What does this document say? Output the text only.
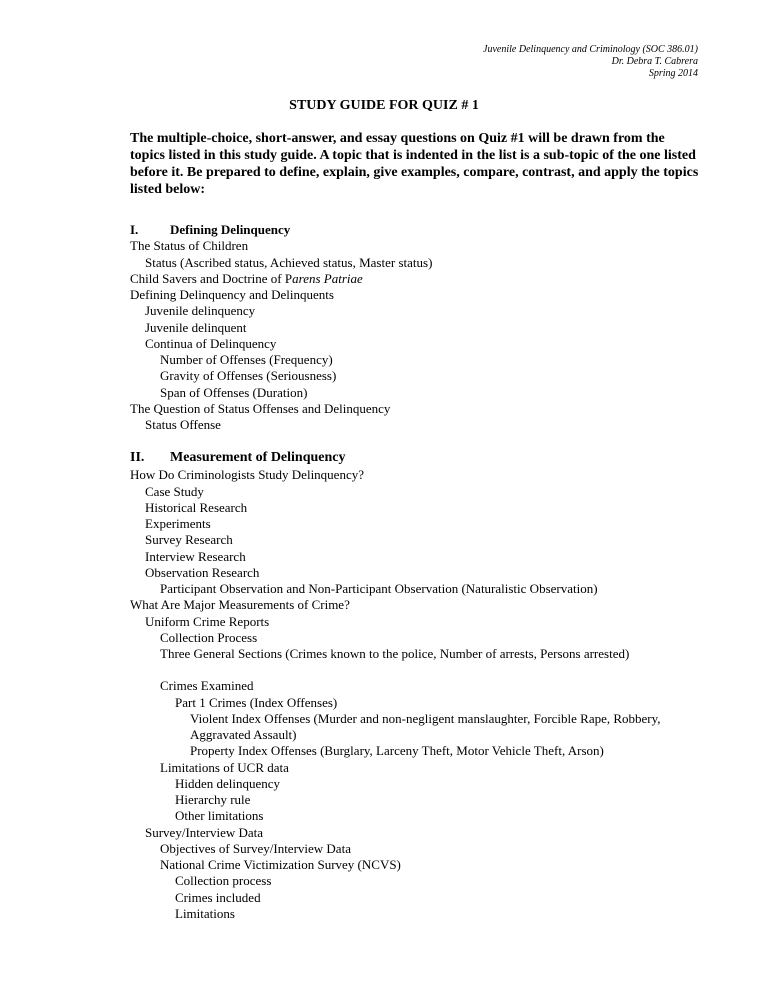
Juvenile Delinquency and Criminology (SOC 386.01)
Dr. Debra T. Cabrera
Spring 2014
STUDY GUIDE FOR QUIZ # 1
The multiple-choice, short-answer, and essay questions on Quiz #1 will be drawn from the topics listed in this study guide. A topic that is indented in the list is a sub-topic of the one listed before it. Be prepared to define, explain, give examples, compare, contrast, and apply the topics listed below:
I.	Defining Delinquency
The Status of Children
Status (Ascribed status, Achieved status, Master status)
Child Savers and Doctrine of Parens Patriae
Defining Delinquency and Delinquents
Juvenile delinquency
Juvenile delinquent
Continua of Delinquency
Number of Offenses (Frequency)
Gravity of Offenses (Seriousness)
Span of Offenses (Duration)
The Question of Status Offenses and Delinquency
Status Offense
II.	Measurement of Delinquency
How Do Criminologists Study Delinquency?
Case Study
Historical Research
Experiments
Survey Research
Interview Research
Observation Research
Participant Observation and Non-Participant Observation (Naturalistic Observation)
What Are Major Measurements of Crime?
Uniform Crime Reports
Collection Process
Three General Sections (Crimes known to the police, Number of arrests, Persons arrested)
Crimes Examined
Part 1 Crimes (Index Offenses)
Violent Index Offenses (Murder and non-negligent manslaughter, Forcible Rape, Robbery,
Aggravated Assault)
Property Index Offenses (Burglary, Larceny Theft, Motor Vehicle Theft, Arson)
Limitations of UCR data
Hidden delinquency
Hierarchy rule
Other limitations
Survey/Interview Data
Objectives of Survey/Interview Data
National Crime Victimization Survey (NCVS)
Collection process
Crimes included
Limitations
